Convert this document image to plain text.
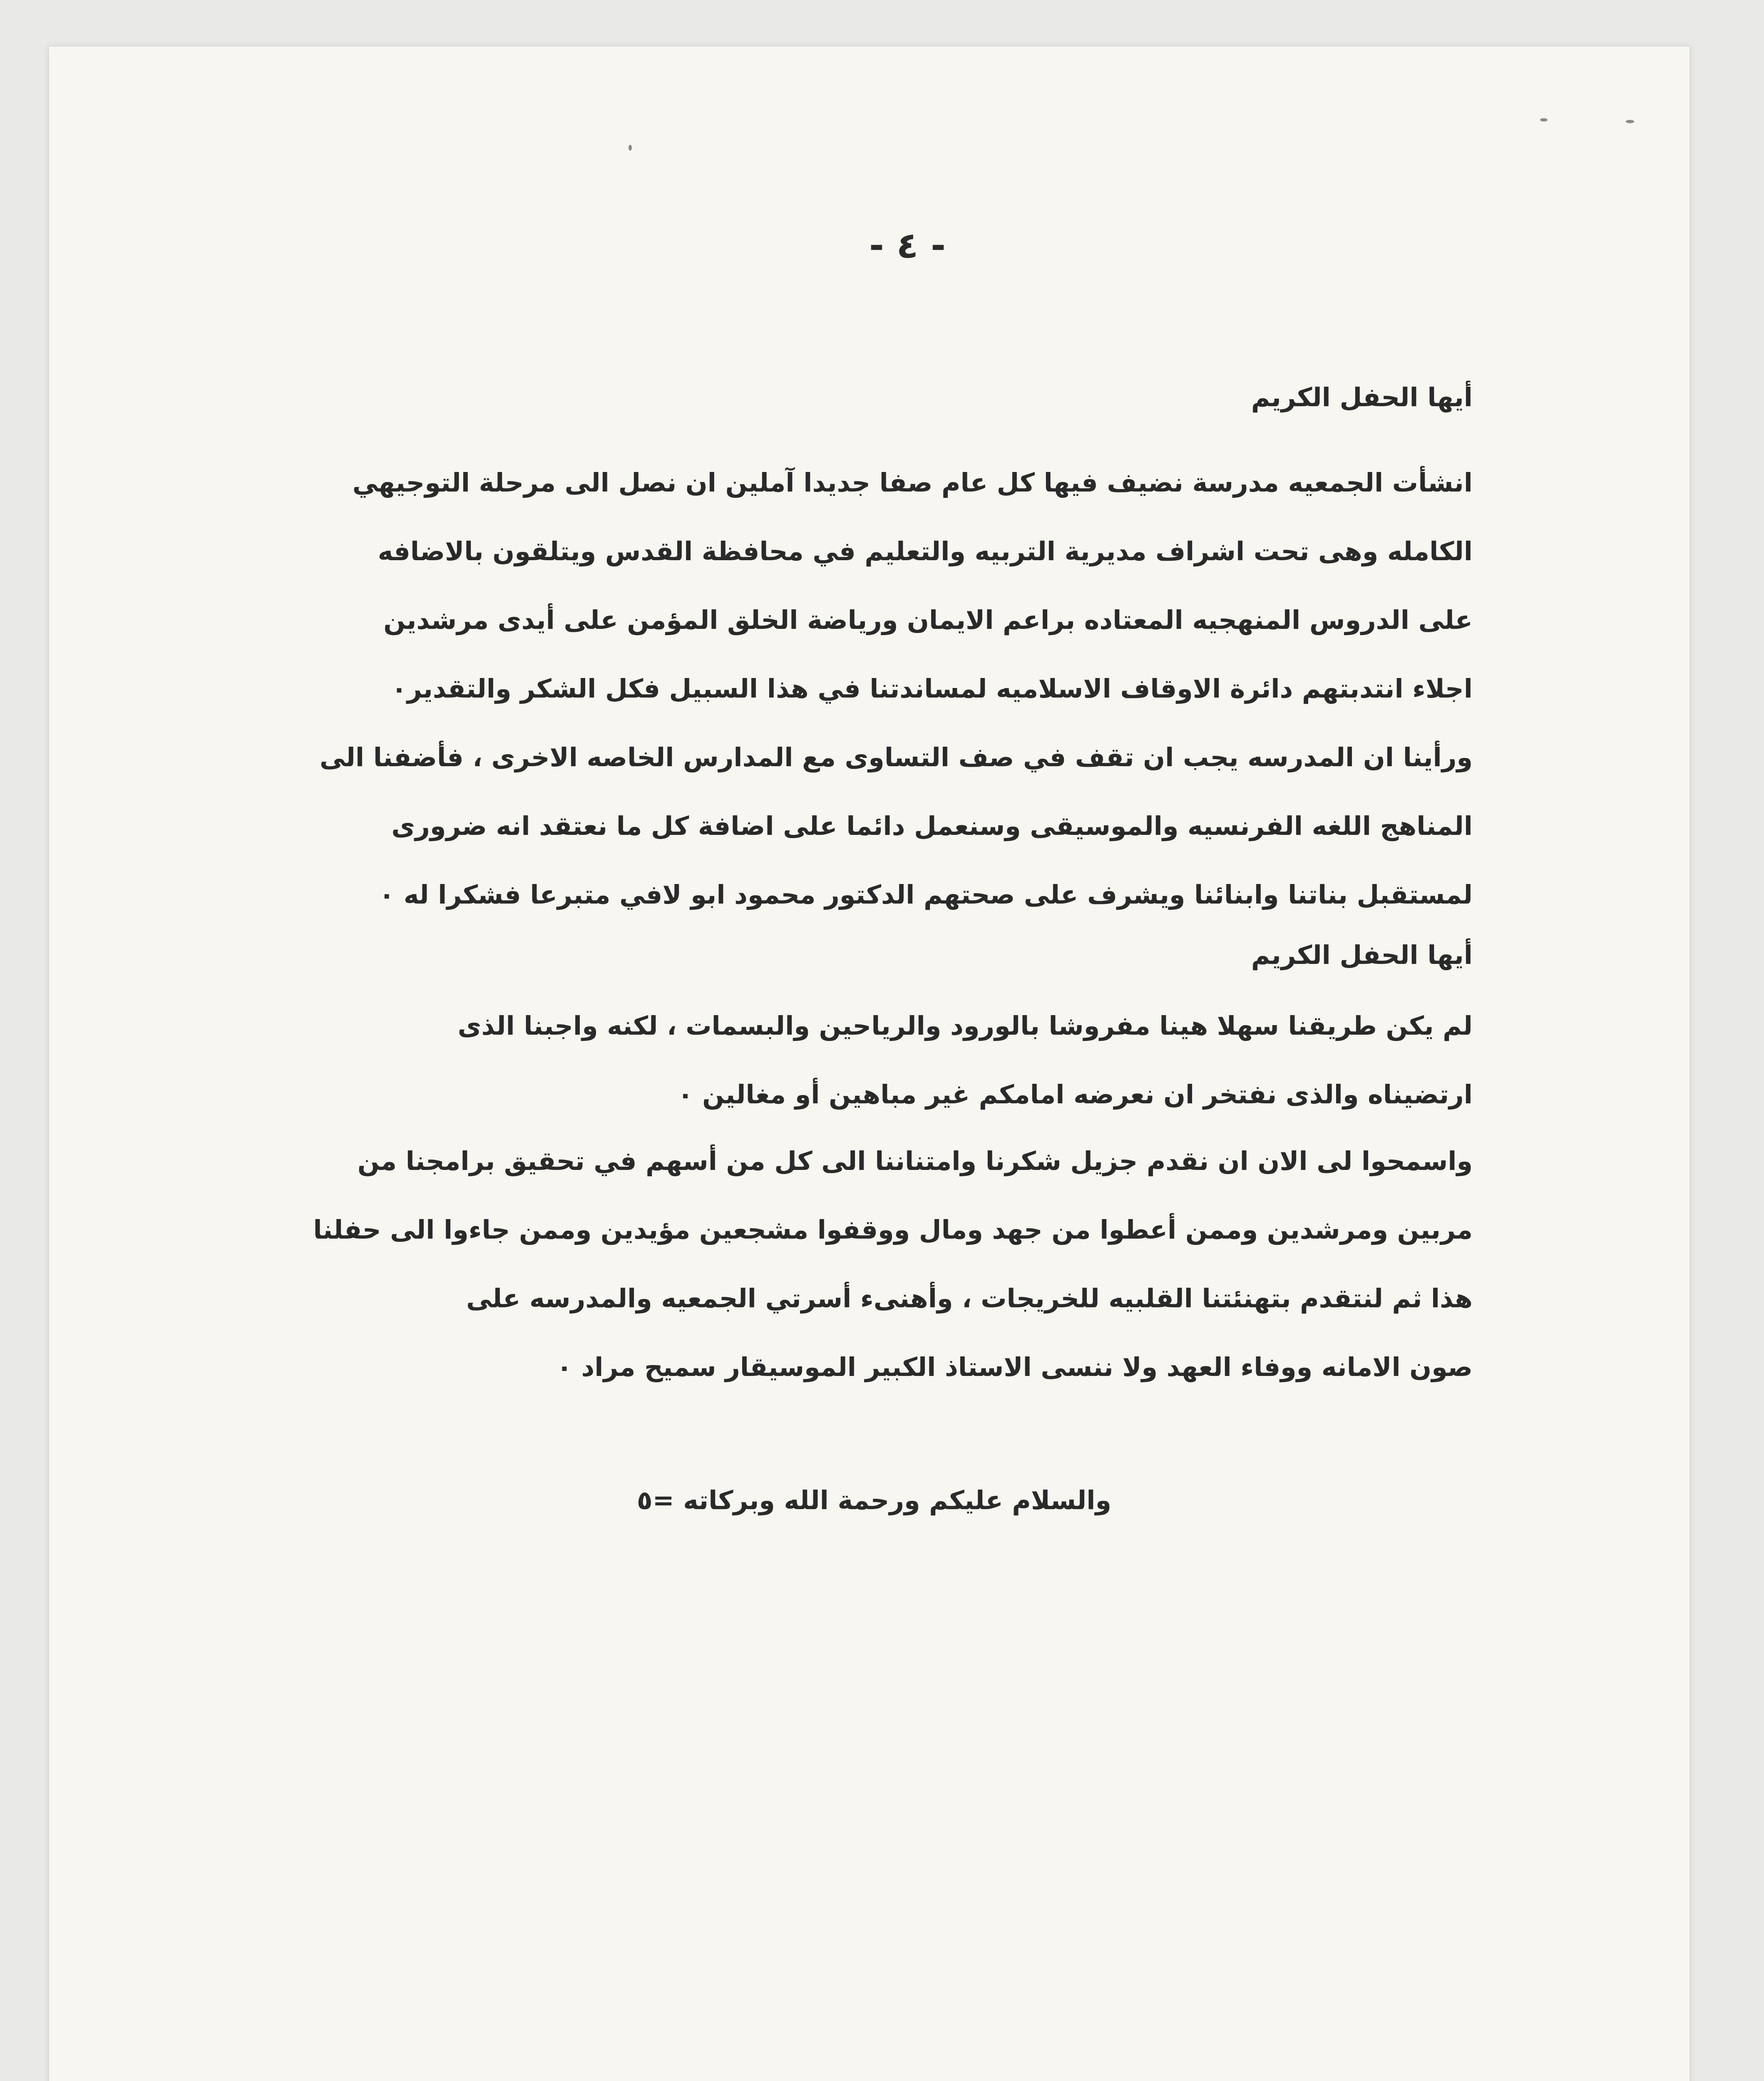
- ٤ -
أيها الحفل الكريم
انشأت الجمعيه مدرسة نضيف فيها كل عام صفا جديدا آملين ان نصل الى مرحلة التوجيهي
الكامله وهى تحت اشراف مديرية التربيه والتعليم في محافظة القدس ويتلقون بالاضافه
على الدروس المنهجيه المعتاده براعم الايمان ورياضة الخلق المؤمن على أيدى مرشدين
اجلاء انتدبتهم دائرة الاوقاف الاسلاميه لمساندتنا في هذا السبيل فكل الشكر والتقدير٠
ورأينا ان المدرسه يجب ان تقف في صف التساوى مع المدارس الخاصه الاخرى ، فأضفنا الى
المناهج اللغه الفرنسيه والموسيقى وسنعمل دائما على اضافة كل ما نعتقد انه ضرورى
لمستقبل بناتنا وابنائنا ويشرف على صحتهم الدكتور محمود ابو لافي متبرعا فشكرا له ٠
أيها الحفل الكريم
لم يكن طريقنا سهلا هينا مفروشا بالورود والرياحين والبسمات ، لكنه واجبنا الذى
ارتضيناه والذى نفتخر ان نعرضه امامكم غير مباهين أو مغالين ٠
واسمحوا لى الان ان نقدم جزيل شكرنا وامتناننا الى كل من أسهم في تحقيق برامجنا من
مربين ومرشدين وممن أعطوا من جهد ومال ووقفوا مشجعين مؤيدين وممن جاءوا الى حفلنا
هذا ثم لنتقدم بتهنئتنا القلبيه للخريجات ، وأهنىء أسرتي الجمعيه والمدرسه على
صون الامانه ووفاء العهد ولا ننسى الاستاذ الكبير الموسيقار سميح مراد ٠
والسلام عليكم ورحمة الله وبركاته =٥
